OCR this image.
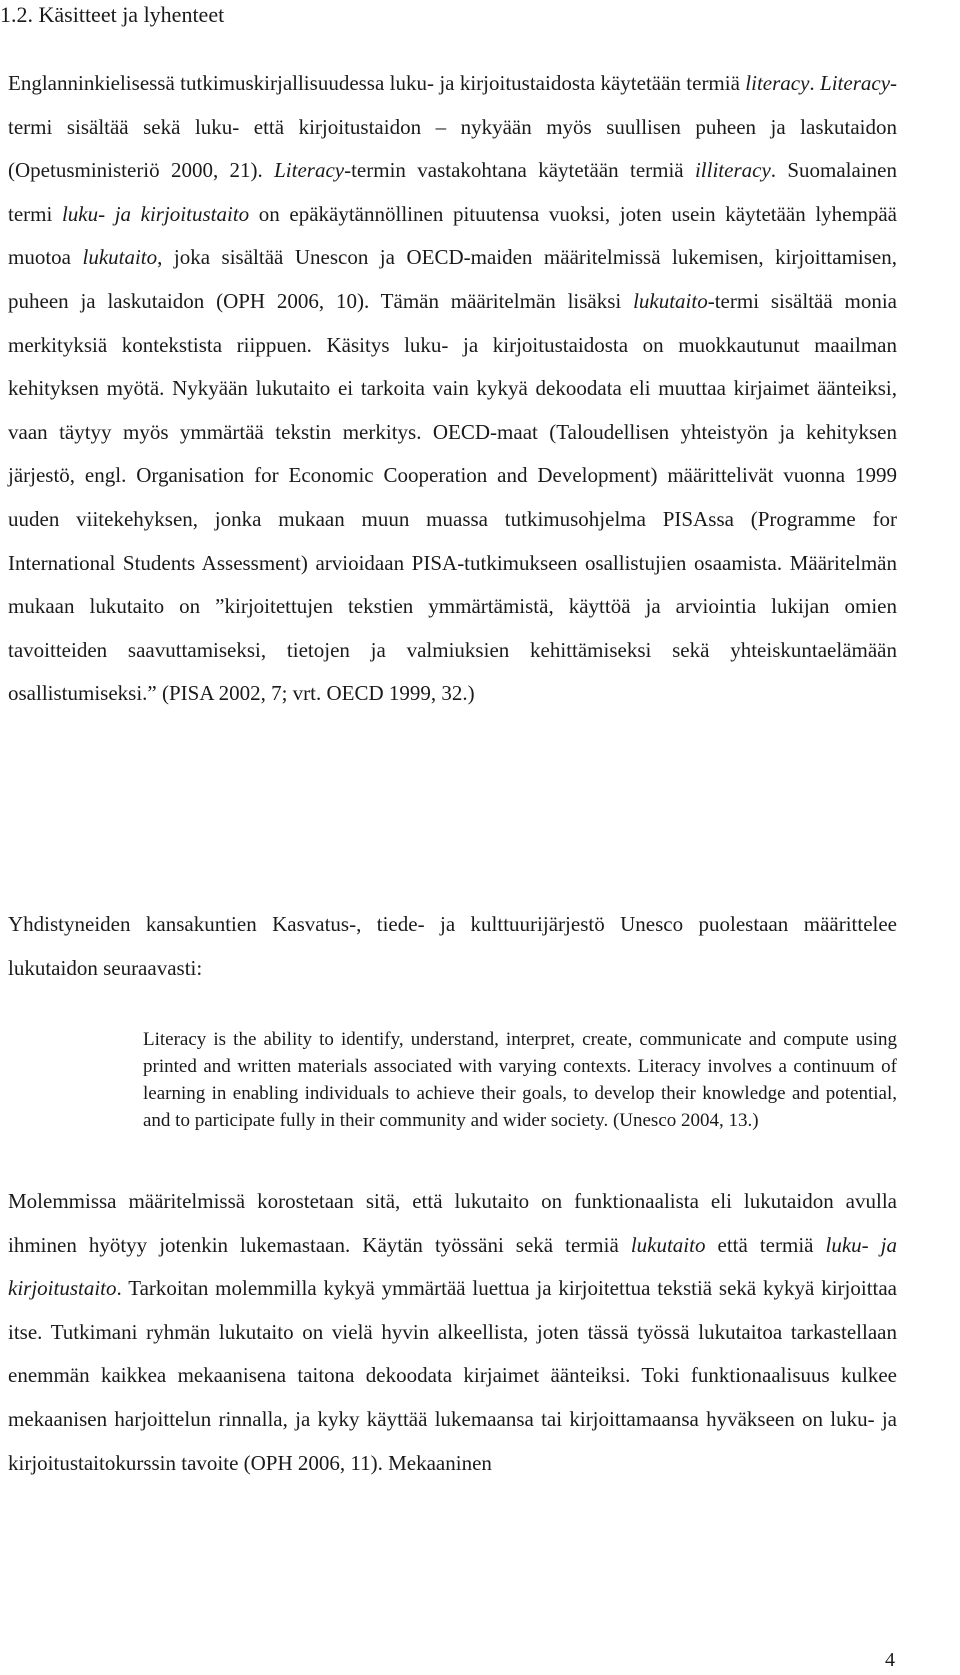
1.2. Käsitteet ja lyhenteet

Englanninkielisessä tutkimuskirjallisuudessa luku- ja kirjoitustaidosta käytetään termiä literacy. Literacy-termi sisältää sekä luku- että kirjoitustaidon – nykyään myös suullisen puheen ja laskutaidon (Opetusministeriö 2000, 21). Literacy-termin vastakohtana käytetään termiä illiteracy. Suomalainen termi luku- ja kirjoitustaito on epäkäytännöllinen pituutensa vuoksi, joten usein käytetään lyhempää muotoa lukutaito, joka sisältää Unescon ja OECD-maiden määritelmissä lukemisen, kirjoittamisen, puheen ja laskutaidon (OPH 2006, 10). Tämän määritelmän lisäksi lukutaito-termi sisältää monia merkityksiä kontekstista riippuen. Käsitys luku- ja kirjoitustaidosta on muokkautunut maailman kehityksen myötä. Nykyään lukutaito ei tarkoita vain kykyä dekoodata eli muuttaa kirjaimet äänteiksi, vaan täytyy myös ymmärtää tekstin merkitys. OECD-maat (Taloudellisen yhteistyön ja kehityksen järjestö, engl. Organisation for Economic Cooperation and Development) määrittelivät vuonna 1999 uuden viitekehyksen, jonka mukaan muun muassa tutkimusohjelma PISAssa (Programme for International Students Assessment) arvioidaan PISA-tutkimukseen osallistujien osaamista. Määritelmän mukaan lukutaito on ”kirjoitettujen tekstien ymmärtämistä, käyttöä ja arviointia lukijan omien tavoitteiden saavuttamiseksi, tietojen ja valmiuksien kehittämiseksi sekä yhteiskuntaelämään osallistumiseksi.” (PISA 2002, 7; vrt. OECD 1999, 32.)

Yhdistyneiden kansakuntien Kasvatus-, tiede- ja kulttuurijärjestö Unesco puolestaan määrittelee lukutaidon seuraavasti:

Literacy is the ability to identify, understand, interpret, create, communicate and compute using printed and written materials associated with varying contexts. Literacy involves a continuum of learning in enabling individuals to achieve their goals, to develop their knowledge and potential, and to participate fully in their community and wider society. (Unesco 2004, 13.)

Molemmissa määritelmissä korostetaan sitä, että lukutaito on funktionaalista eli lukutaidon avulla ihminen hyötyy jotenkin lukemastaan. Käytän työssäni sekä termiä lukutaito että termiä luku- ja kirjoitustaito. Tarkoitan molemmilla kykyä ymmärtää luettua ja kirjoitettua tekstiä sekä kykyä kirjoittaa itse. Tutkimani ryhmän lukutaito on vielä hyvin alkeellista, joten tässä työssä lukutaitoa tarkastellaan enemmän kaikkea mekaanisena taitona dekoodata kirjaimet äänteiksi. Toki funktionaalisuus kulkee mekaanisen harjoittelun rinnalla, ja kyky käyttää lukemaansa tai kirjoittamaansa hyväkseen on luku- ja kirjoitustaitokurssin tavoite (OPH 2006, 11). Mekaaninen

4
